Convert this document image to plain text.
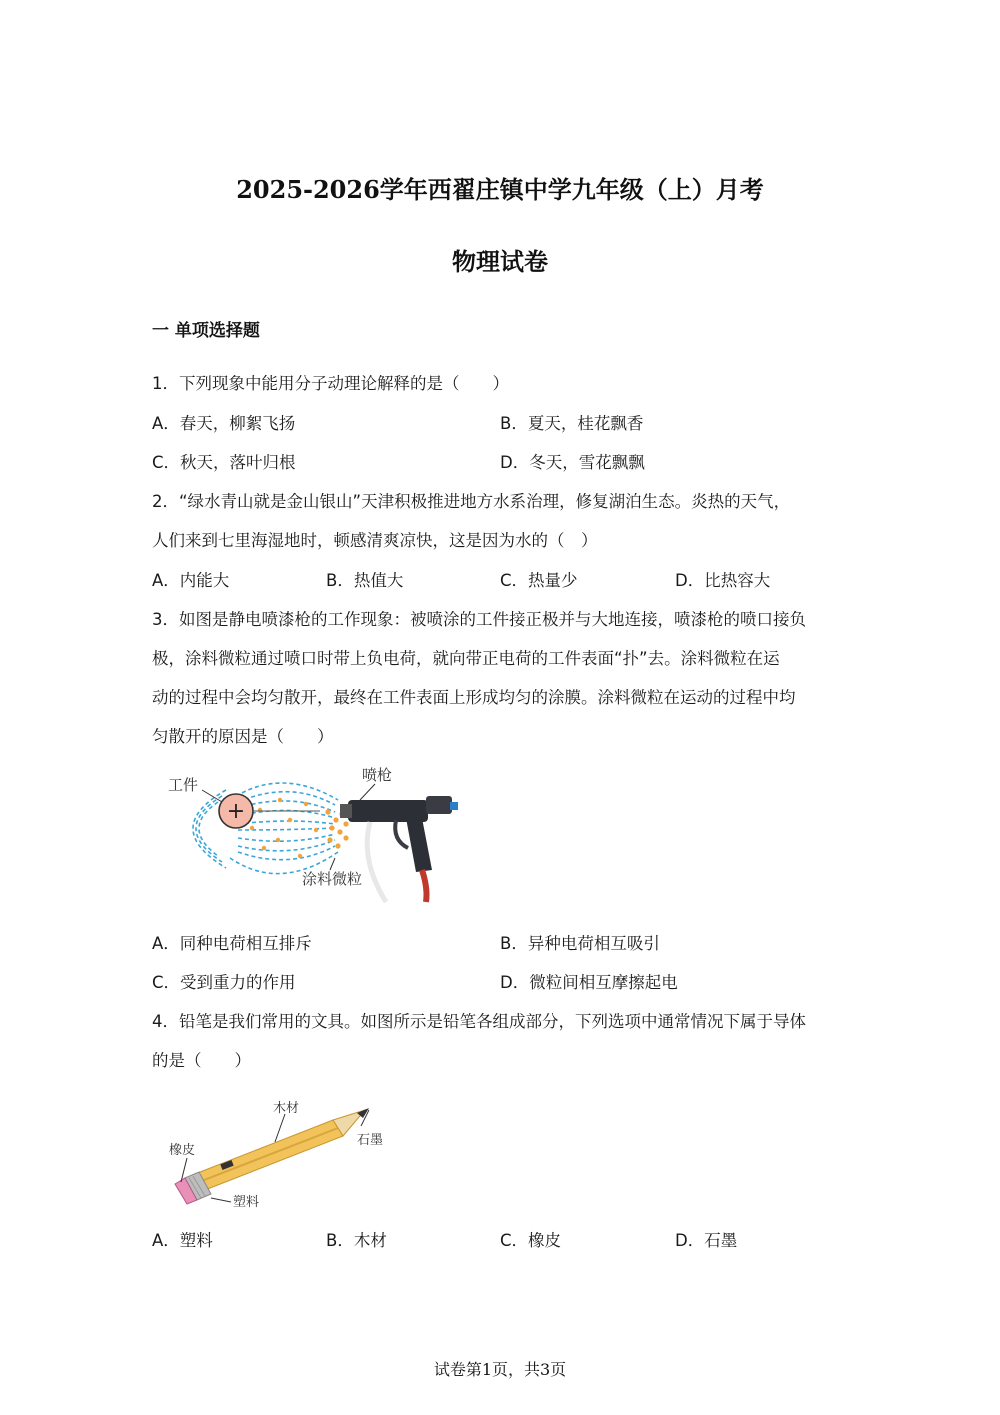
2025-2026学年西翟庄镇中学九年级（上）月考
物理试卷
一 单项选择题
1．下列现象中能用分子动理论解释的是（　　）
A．春天，柳絮飞扬	B．夏天，桂花飘香
C．秋天，落叶归根	D．冬天，雪花飘飘
2．“绿水青山就是金山银山”天津积极推进地方水系治理，修复湖泊生态。炎热的天气，
人们来到七里海湿地时，顿感清爽凉快，这是因为水的（　）
A．内能大	B．热值大	C．热量少	D．比热容大
3．如图是静电喷漆枪的工作现象：被喷涂的工件接正极并与大地连接，喷漆枪的喷口接负
极，涂料微粒通过喷口时带上负电荷，就向带正电荷的工件表面“扑”去。涂料微粒在运
动的过程中会均匀散开，最终在工件表面上形成均匀的涂膜。涂料微粒在运动的过程中均
匀散开的原因是（　　）
+
工件
喷枪
涂料微粒
A．同种电荷相互排斥	B．异种电荷相互吸引
C．受到重力的作用	D．微粒间相互摩擦起电
4．铅笔是我们常用的文具。如图所示是铅笔各组成部分，下列选项中通常情况下属于导体
的是（　　）
木材
石墨
橡皮
塑料
A．塑料	B．木材	C．橡皮	D．石墨
试卷第1页，共3页
